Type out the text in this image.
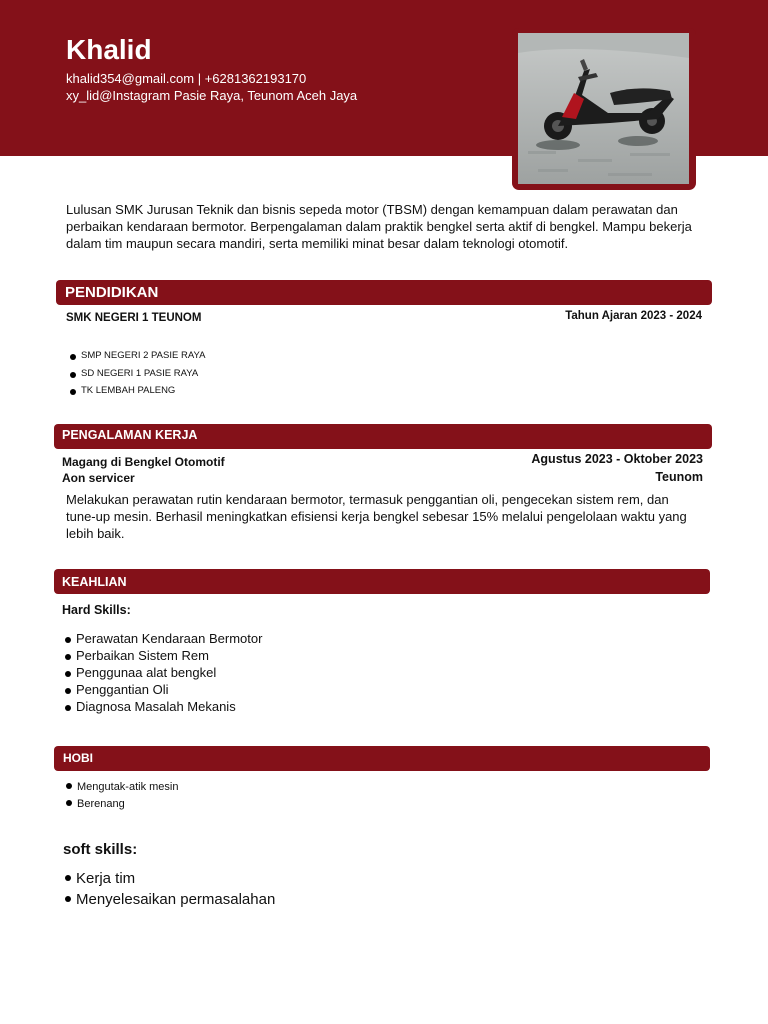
Khalid
khalid354@gmail.com | +6281362193170
xy_lid@Instagram Pasie Raya, Teunom Aceh Jaya
Lulusan SMK Jurusan Teknik dan bisnis sepeda motor (TBSM) dengan kemampuan dalam perawatan dan perbaikan kendaraan bermotor. Berpengalaman dalam praktik bengkel serta aktif di bengkel. Mampu bekerja dalam tim maupun secara mandiri, serta memiliki minat besar dalam teknologi otomotif.
PENDIDIKAN
SMK NEGERI 1 TEUNOM	Tahun Ajaran 2023 - 2024
SMP NEGERI 2 PASIE RAYA
SD NEGERI 1 PASIE RAYA
TK LEMBAH PALENG
PENGALAMAN KERJA
Magang di Bengkel Otomotif
Aon servicer
Agustus 2023 - Oktober 2023
Teunom
Melakukan perawatan rutin kendaraan bermotor, termasuk penggantian oli, pengecekan sistem rem, dan tune-up mesin. Berhasil meningkatkan efisiensi kerja bengkel sebesar 15% melalui pengelolaan waktu yang lebih baik.
KEAHLIAN
Hard Skills:
Perawatan Kendaraan Bermotor
Perbaikan Sistem Rem
Penggunaa alat bengkel
Penggantian Oli
Diagnosa Masalah Mekanis
HOBI
Mengutak-atik mesin
Berenang
soft skills:
Kerja tim
Menyelesaikan permasalahan
